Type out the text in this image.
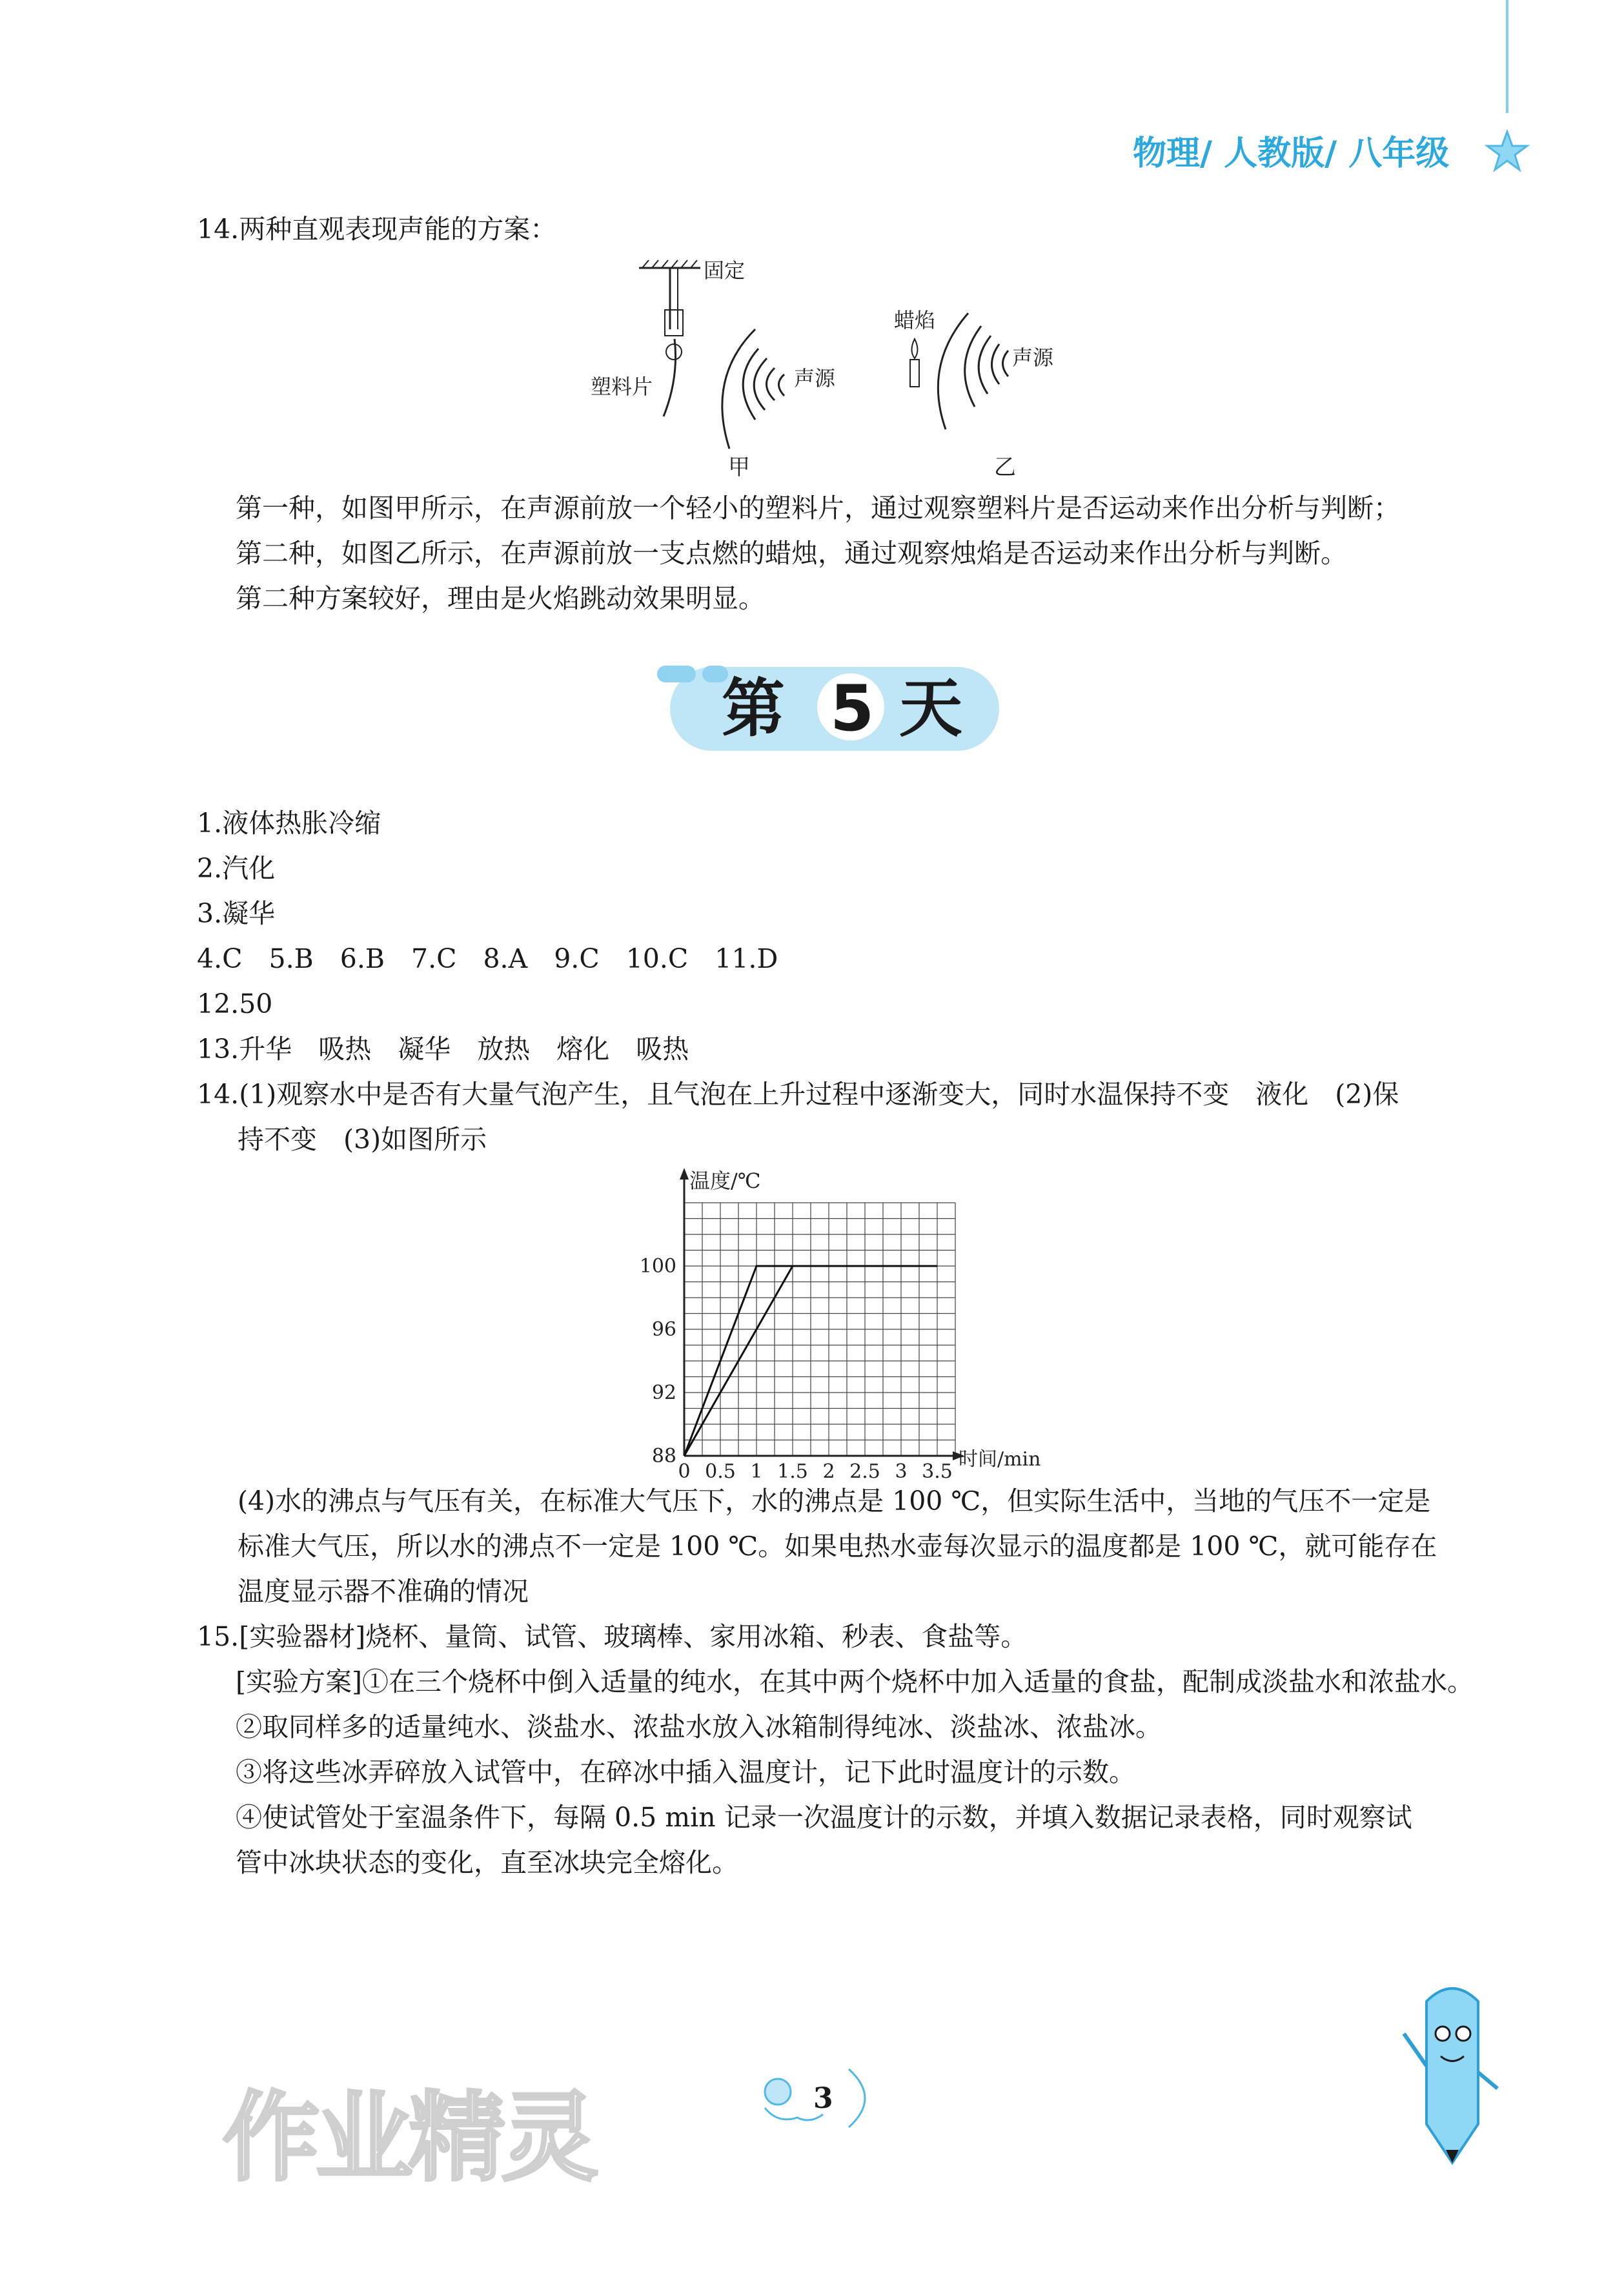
物理/ 人教版/ 八年级
14.两种直观表现声能的方案：
固定
塑料片	声源
甲
蜡焰
声源
乙
第一种，如图甲所示，在声源前放一个轻小的塑料片，通过观察塑料片是否运动来作出分析与判断；
第二种，如图乙所示，在声源前放一支点燃的蜡烛，通过观察烛焰是否运动来作出分析与判断。
第二种方案较好，理由是火焰跳动效果明显。
第 5 天
1.液体热胀冷缩
2.汽化
3.凝华
4.C　5.B　6.B　7.C　8.A　9.C　10.C　11.D
12.50
13.升华　吸热　凝华　放热　熔化　吸热
14.(1)观察水中是否有大量气泡产生，且气泡在上升过程中逐渐变大，同时水温保持不变　液化　(2)保
持不变　(3)如图所示
0 0.5 1 1.5 2 2.5 3 3.5
88
92
96
100
温度/℃
时间/min
(4)水的沸点与气压有关，在标准大气压下，水的沸点是 100 ℃，但实际生活中，当地的气压不一定是
标准大气压，所以水的沸点不一定是 100 ℃。如果电热水壶每次显示的温度都是 100 ℃，就可能存在
温度显示器不准确的情况
15.[实验器材]烧杯、量筒、试管、玻璃棒、家用冰箱、秒表、食盐等。
[实验方案]①在三个烧杯中倒入适量的纯水，在其中两个烧杯中加入适量的食盐，配制成淡盐水和浓盐水。
②取同样多的适量纯水、淡盐水、浓盐水放入冰箱制得纯冰、淡盐冰、浓盐冰。
③将这些冰弄碎放入试管中，在碎冰中插入温度计，记下此时温度计的示数。
④使试管处于室温条件下，每隔 0.5 min 记录一次温度计的示数，并填入数据记录表格，同时观察试
管中冰块状态的变化，直至冰块完全熔化。
作业精灵	3
